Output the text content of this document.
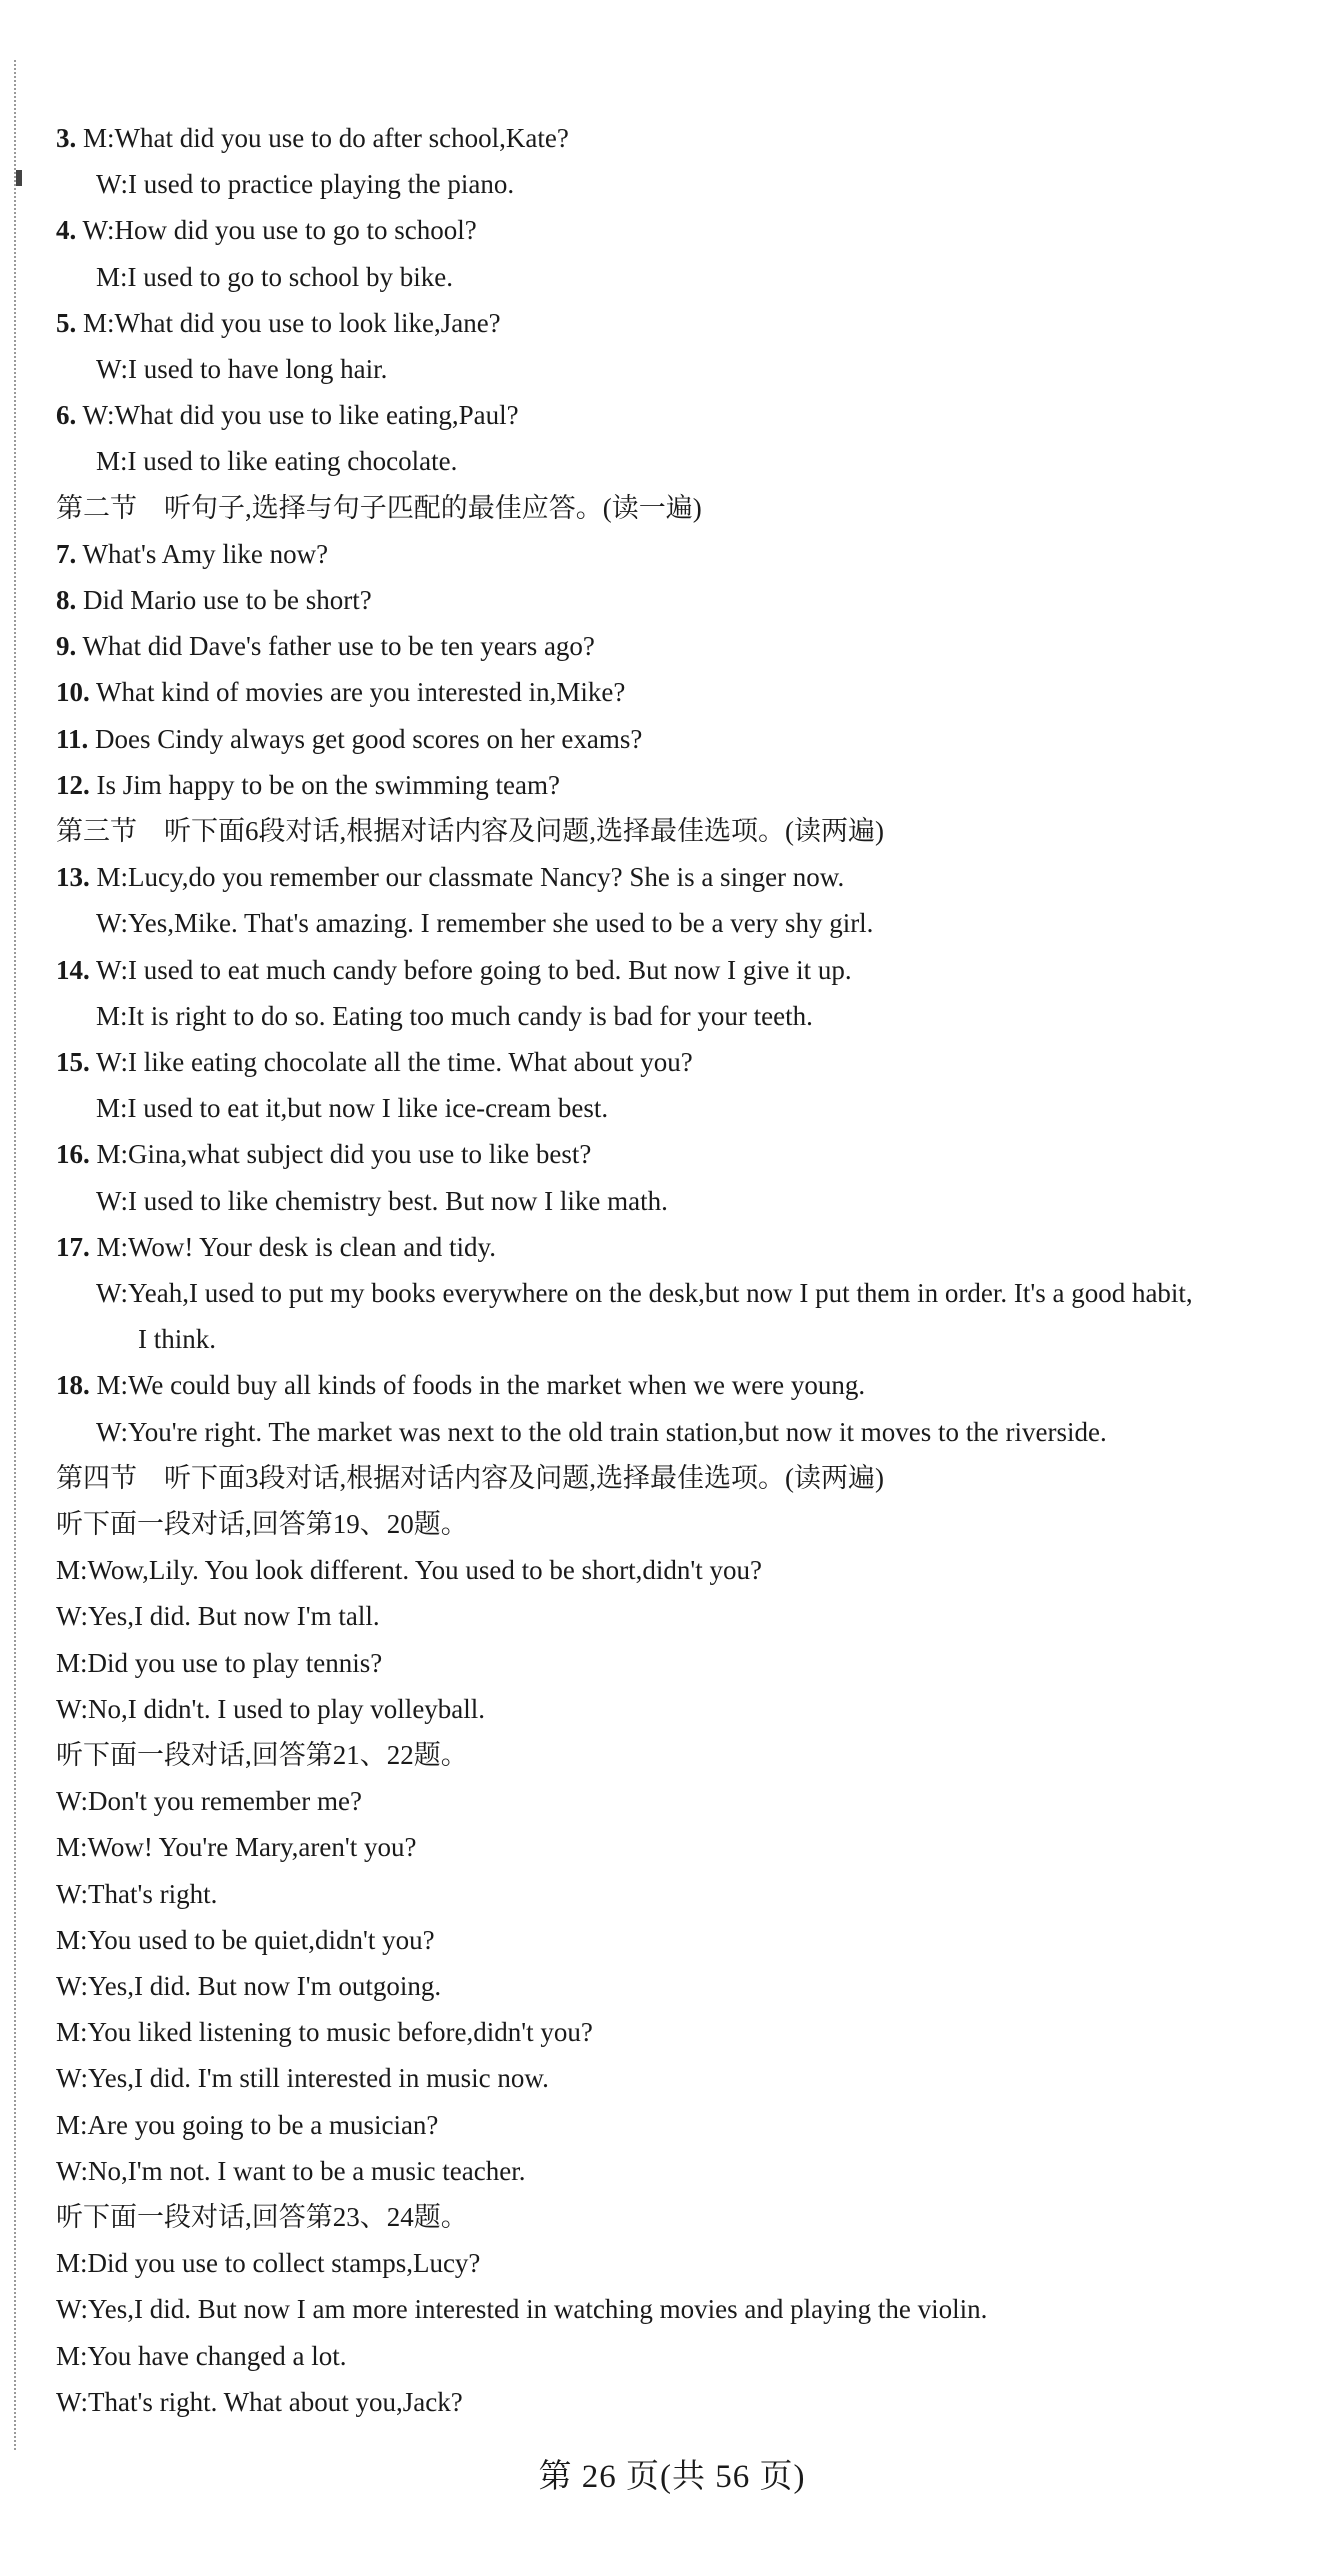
3. M:What did you use to do after school,Kate?
W:I used to practice playing the piano.
4. W:How did you use to go to school?
M:I used to go to school by bike.
5. M:What did you use to look like,Jane?
W:I used to have long hair.
6. W:What did you use to like eating,Paul?
M:I used to like eating chocolate.
第二节　听句子,选择与句子匹配的最佳应答。(读一遍)
7. What's Amy like now?
8. Did Mario use to be short?
9. What did Dave's father use to be ten years ago?
10. What kind of movies are you interested in,Mike?
11. Does Cindy always get good scores on her exams?
12. Is Jim happy to be on the swimming team?
第三节　听下面6段对话,根据对话内容及问题,选择最佳选项。(读两遍)
13. M:Lucy,do you remember our classmate Nancy? She is a singer now.
W:Yes,Mike. That's amazing. I remember she used to be a very shy girl.
14. W:I used to eat much candy before going to bed. But now I give it up.
M:It is right to do so. Eating too much candy is bad for your teeth.
15. W:I like eating chocolate all the time. What about you?
M:I used to eat it,but now I like ice-cream best.
16. M:Gina,what subject did you use to like best?
W:I used to like chemistry best. But now I like math.
17. M:Wow! Your desk is clean and tidy.
W:Yeah,I used to put my books everywhere on the desk,but now I put them in order. It's a good habit,
I think.
18. M:We could buy all kinds of foods in the market when we were young.
W:You're right. The market was next to the old train station,but now it moves to the riverside.
第四节　听下面3段对话,根据对话内容及问题,选择最佳选项。(读两遍)
听下面一段对话,回答第19、20题。
M:Wow,Lily. You look different. You used to be short,didn't you?
W:Yes,I did. But now I'm tall.
M:Did you use to play tennis?
W:No,I didn't. I used to play volleyball.
听下面一段对话,回答第21、22题。
W:Don't you remember me?
M:Wow! You're Mary,aren't you?
W:That's right.
M:You used to be quiet,didn't you?
W:Yes,I did. But now I'm outgoing.
M:You liked listening to music before,didn't you?
W:Yes,I did. I'm still interested in music now.
M:Are you going to be a musician?
W:No,I'm not. I want to be a music teacher.
听下面一段对话,回答第23、24题。
M:Did you use to collect stamps,Lucy?
W:Yes,I did. But now I am more interested in watching movies and playing the violin.
M:You have changed a lot.
W:That's right. What about you,Jack?
第 26 页(共 56 页)
